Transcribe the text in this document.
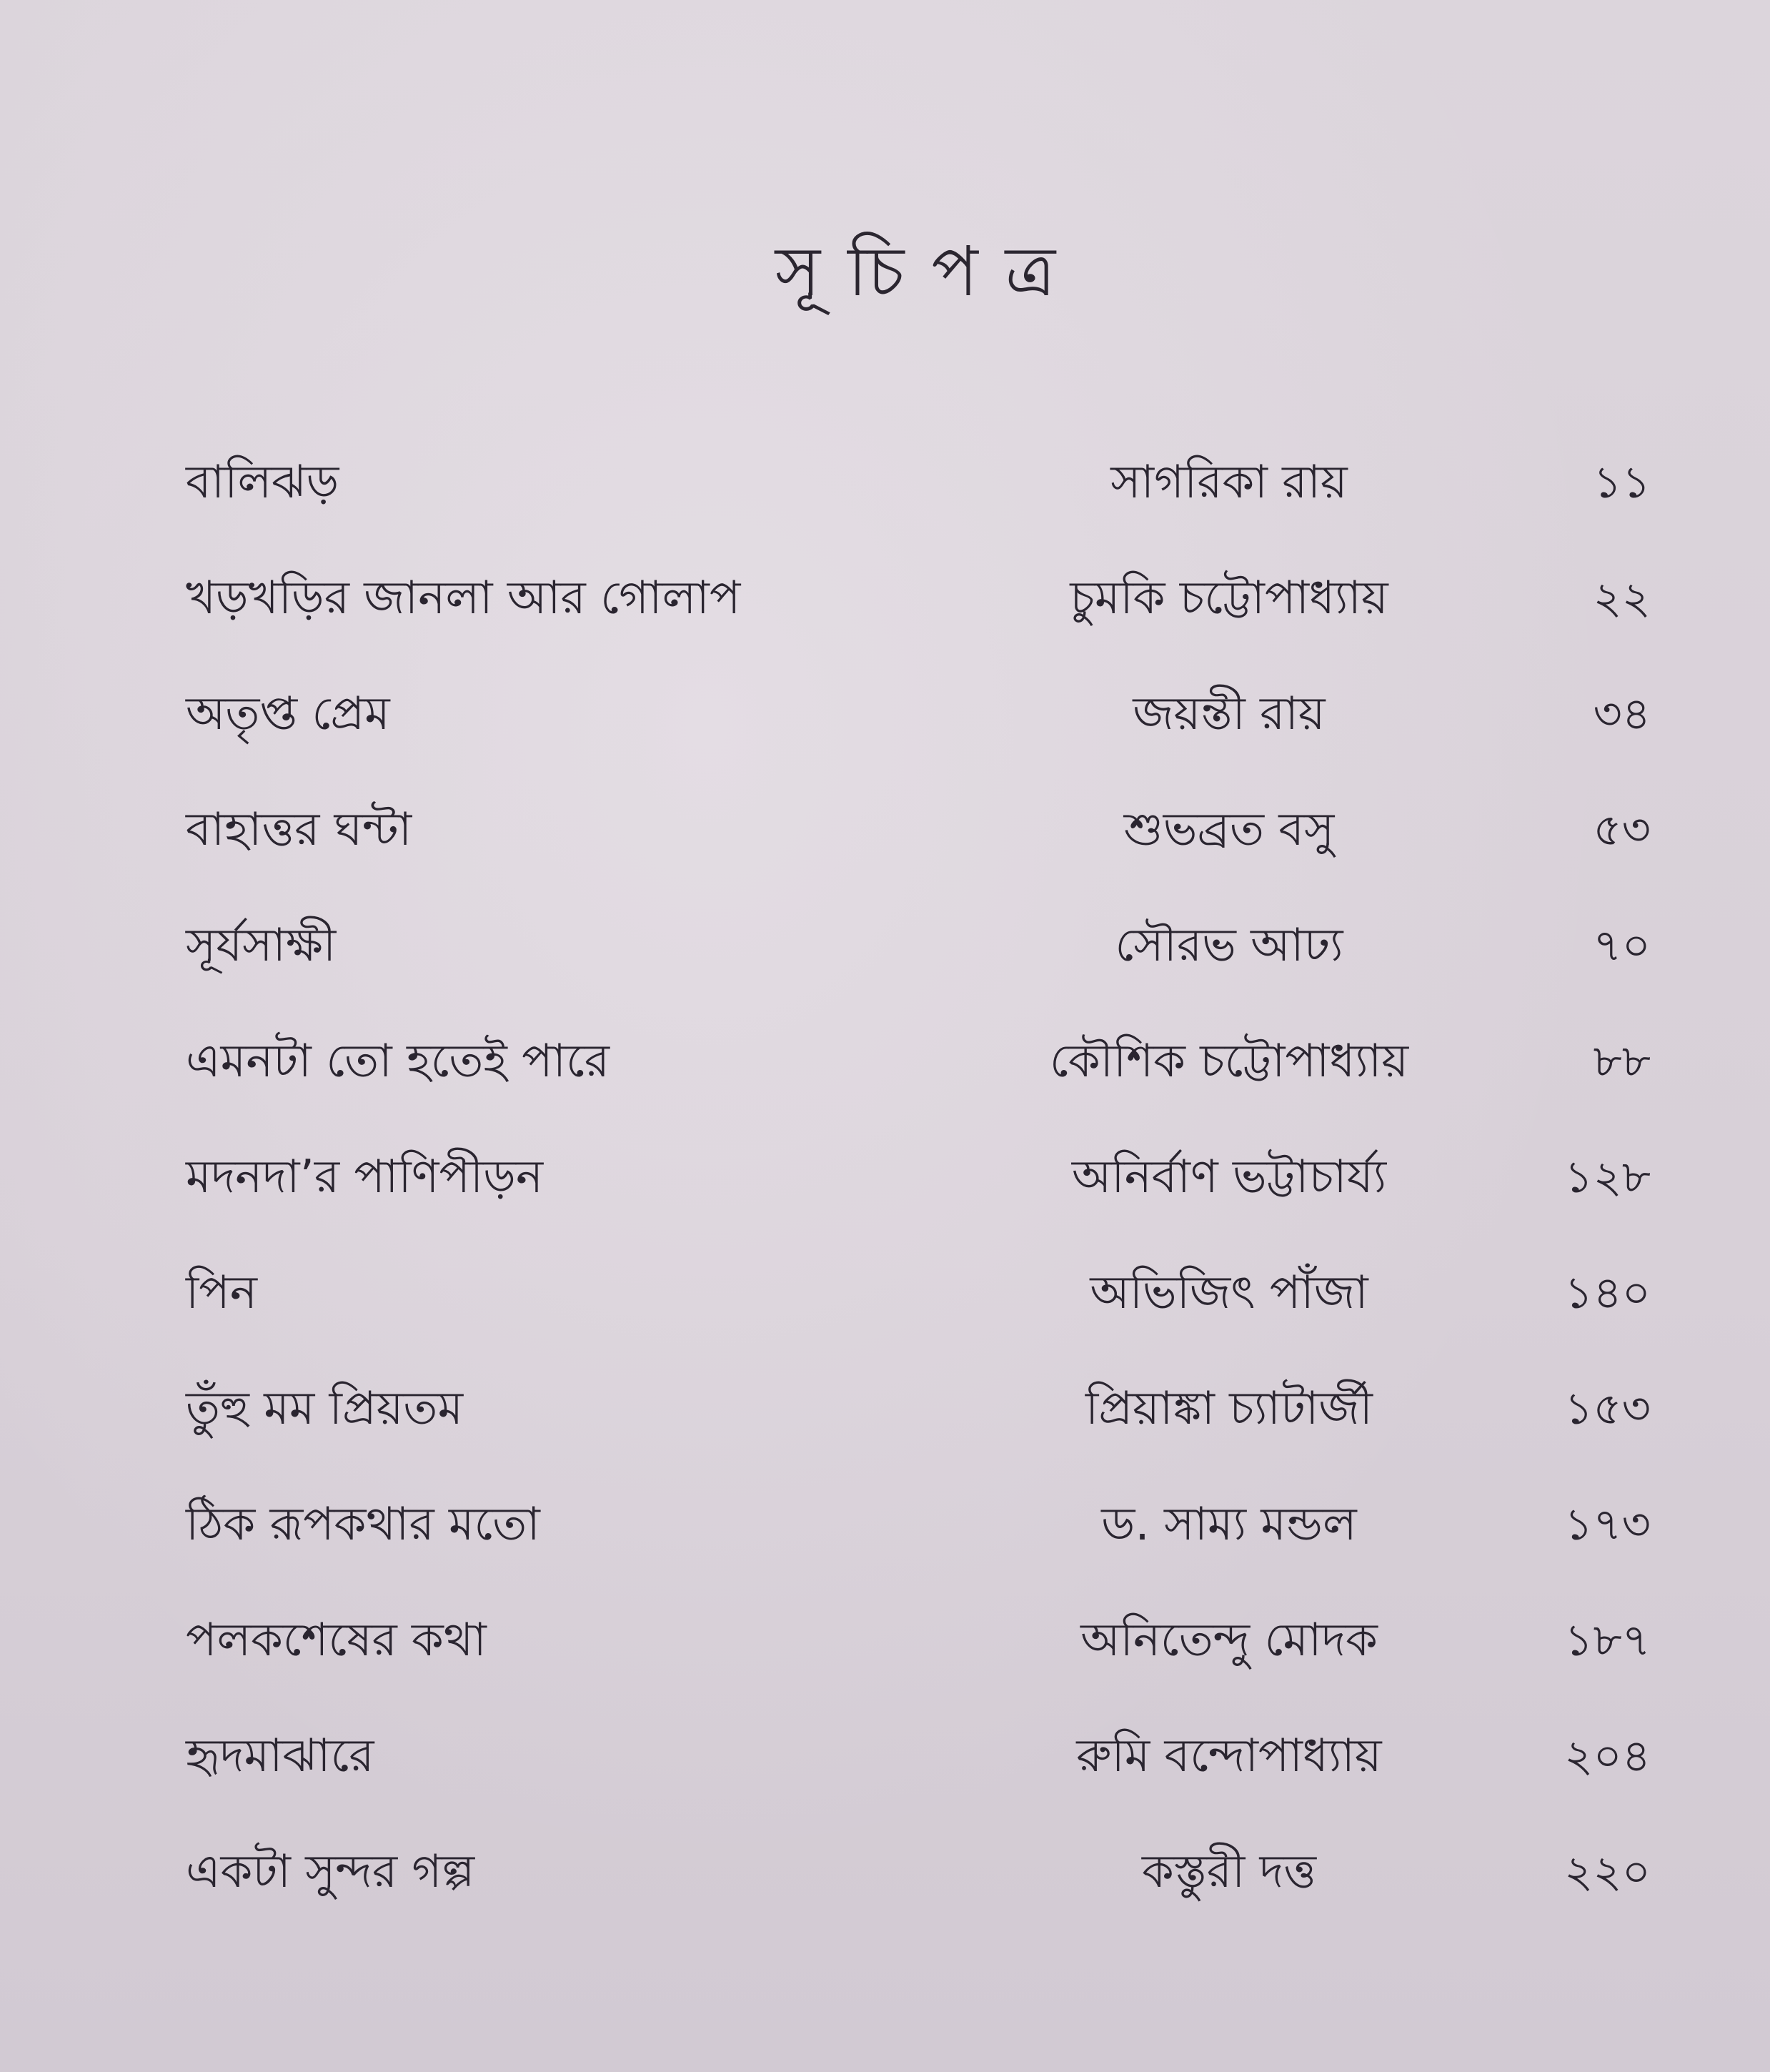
সূচিপত্র
বালিঝড়	সাগরিকা রায়	১১
খড়খড়ির জানলা আর গোলাপ	চুমকি চট্টোপাধ্যায়	২২
অতৃপ্ত প্রেম	জয়ন্তী রায়	৩৪
বাহাত্তর ঘন্টা	শুভব্রত বসু	৫৩
সূর্যসাক্ষী	সৌরভ আঢ্য	৭০
এমনটা তো হতেই পারে	কৌশিক চট্টোপাধ্যায়	৮৮
মদনদা’র পাণিপীড়ন	অনির্বাণ ভট্টাচার্য্য	১২৮
পিন	অভিজিৎ পাঁজা	১৪০
তুঁহু মম প্রিয়তম	প্রিয়াঙ্কা চ্যাটার্জী	১৫৩
ঠিক রূপকথার মতো	ড. সাম্য মন্ডল	১৭৩
পলকশেষের কথা	অনিতেন্দু মোদক	১৮৭
হৃদমাঝারে	রুমি বন্দোপাধ্যায়	২০৪
একটা সুন্দর গল্প	কস্তুরী দত্ত	২২০
